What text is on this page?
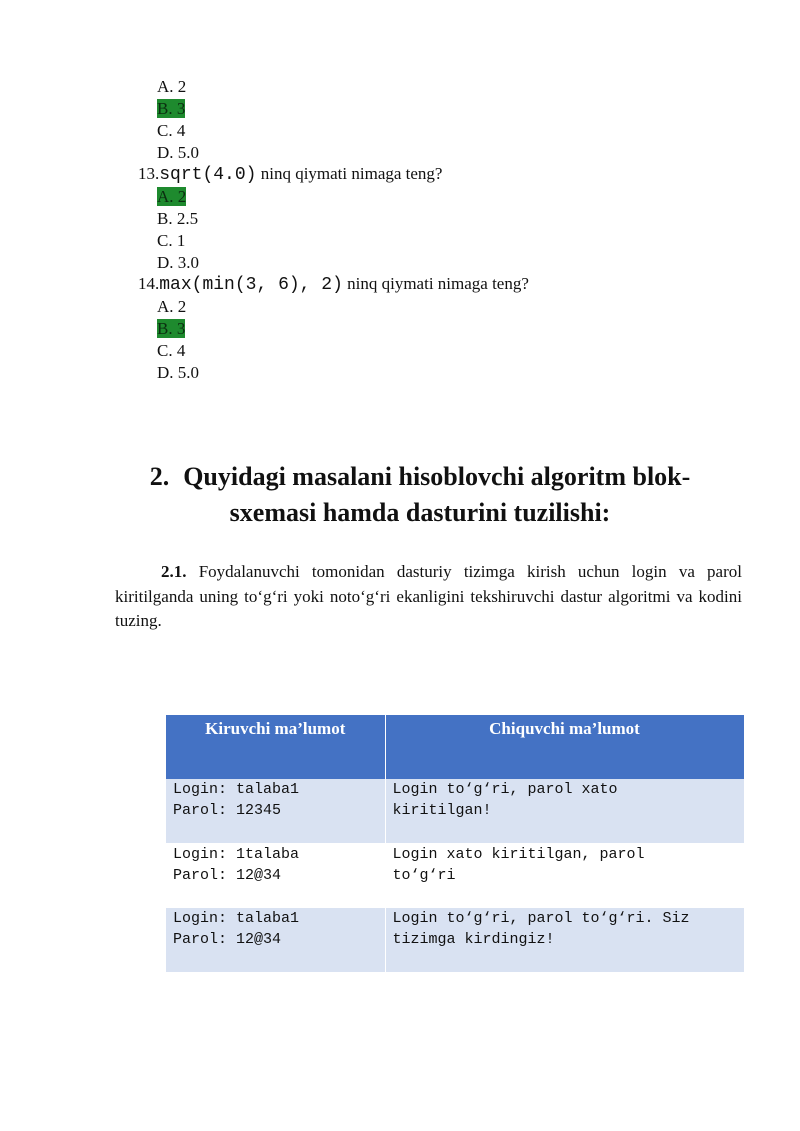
A. 2
B. 3
C. 4
D. 5.0
13.sqrt(4.0) ninq qiymati nimaga teng?
A. 2
B. 2.5
C. 1
D. 3.0
14.max(min(3, 6), 2) ninq qiymati nimaga teng?
A. 2
B. 3
C. 4
D. 5.0
2. Quyidagi masalani hisoblovchi algoritm blok-
sxemasi hamda dasturini tuzilishi:
2.1. Foydalanuvchi tomonidan dasturiy tizimga kirish uchun login va parol kiritilganda uning to‘g‘ri yoki noto‘g‘ri ekanligini tekshiruvchi dastur algoritmi va kodini tuzing.
Kiruvchi ma’lumot	Chiquvchi ma’lumot

Login: talaba1
Parol: 12345	Login to‘g‘ri, parol xato
kiritilgan!

Login: 1talaba
Parol: 12@34	Login xato kiritilgan, parol
to‘g‘ri

Login: talaba1
Parol: 12@34	Login to‘g‘ri, parol to‘g‘ri. Siz
tizimga kirdingiz!
